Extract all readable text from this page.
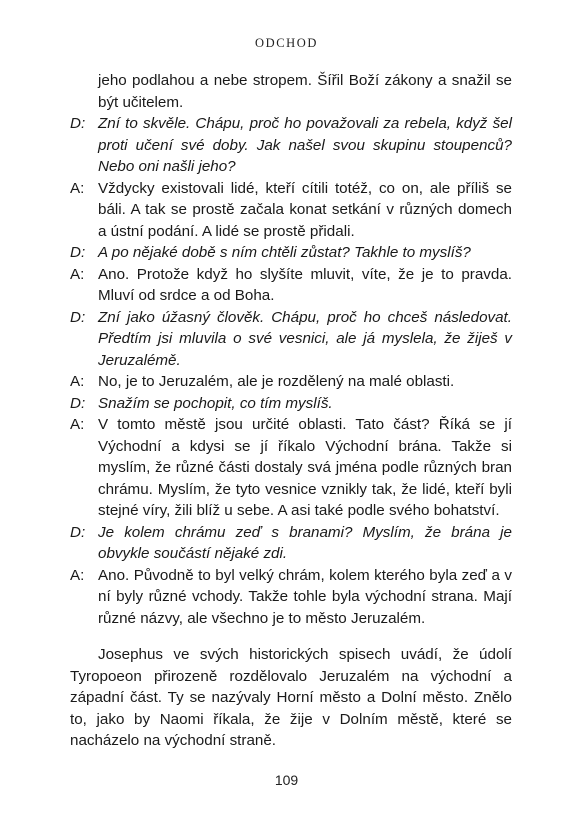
ODCHOD
jeho podlahou a nebe stropem. Šířil Boží zákony a snažil se být učitelem.
D: Zní to skvěle. Chápu, proč ho považovali za rebela, když šel proti učení své doby. Jak našel svou skupinu stoupenců? Nebo oni našli jeho?
A: Vždycky existovali lidé, kteří cítili totéž, co on, ale příliš se báli. A tak se prostě začala konat setkání v různých domech a ústní podání. A lidé se prostě přidali.
D: A po nějaké době s ním chtěli zůstat? Takhle to myslíš?
A: Ano. Protože když ho slyšíte mluvit, víte, že je to pravda. Mluví od srdce a od Boha.
D: Zní jako úžasný člověk. Chápu, proč ho chceš následovat. Předtím jsi mluvila o své vesnici, ale já myslela, že žiješ v Jeruzalémě.
A: No, je to Jeruzalém, ale je rozdělený na malé oblasti.
D: Snažím se pochopit, co tím myslíš.
A: V tomto městě jsou určité oblasti. Tato část? Říká se jí Východní a kdysi se jí říkalo Východní brána. Takže si myslím, že různé části dostaly svá jména podle různých bran chrámu. Myslím, že tyto vesnice vznikly tak, že lidé, kteří byli stejné víry, žili blíž u sebe. A asi také podle svého bohatství.
D: Je kolem chrámu zeď s branami? Myslím, že brána je obvykle součástí nějaké zdi.
A: Ano. Původně to byl velký chrám, kolem kterého byla zeď a v ní byly různé vchody. Takže tohle byla východní strana. Mají různé názvy, ale všechno je to město Jeruzalém.

Josephus ve svých historických spisech uvádí, že údolí Tyropoeon přirozeně rozdělovalo Jeruzalém na východní a západní část. Ty se nazývaly Horní město a Dolní město. Znělo to, jako by Naomi říkala, že žije v Dolním městě, které se nacházelo na východní straně.

109
